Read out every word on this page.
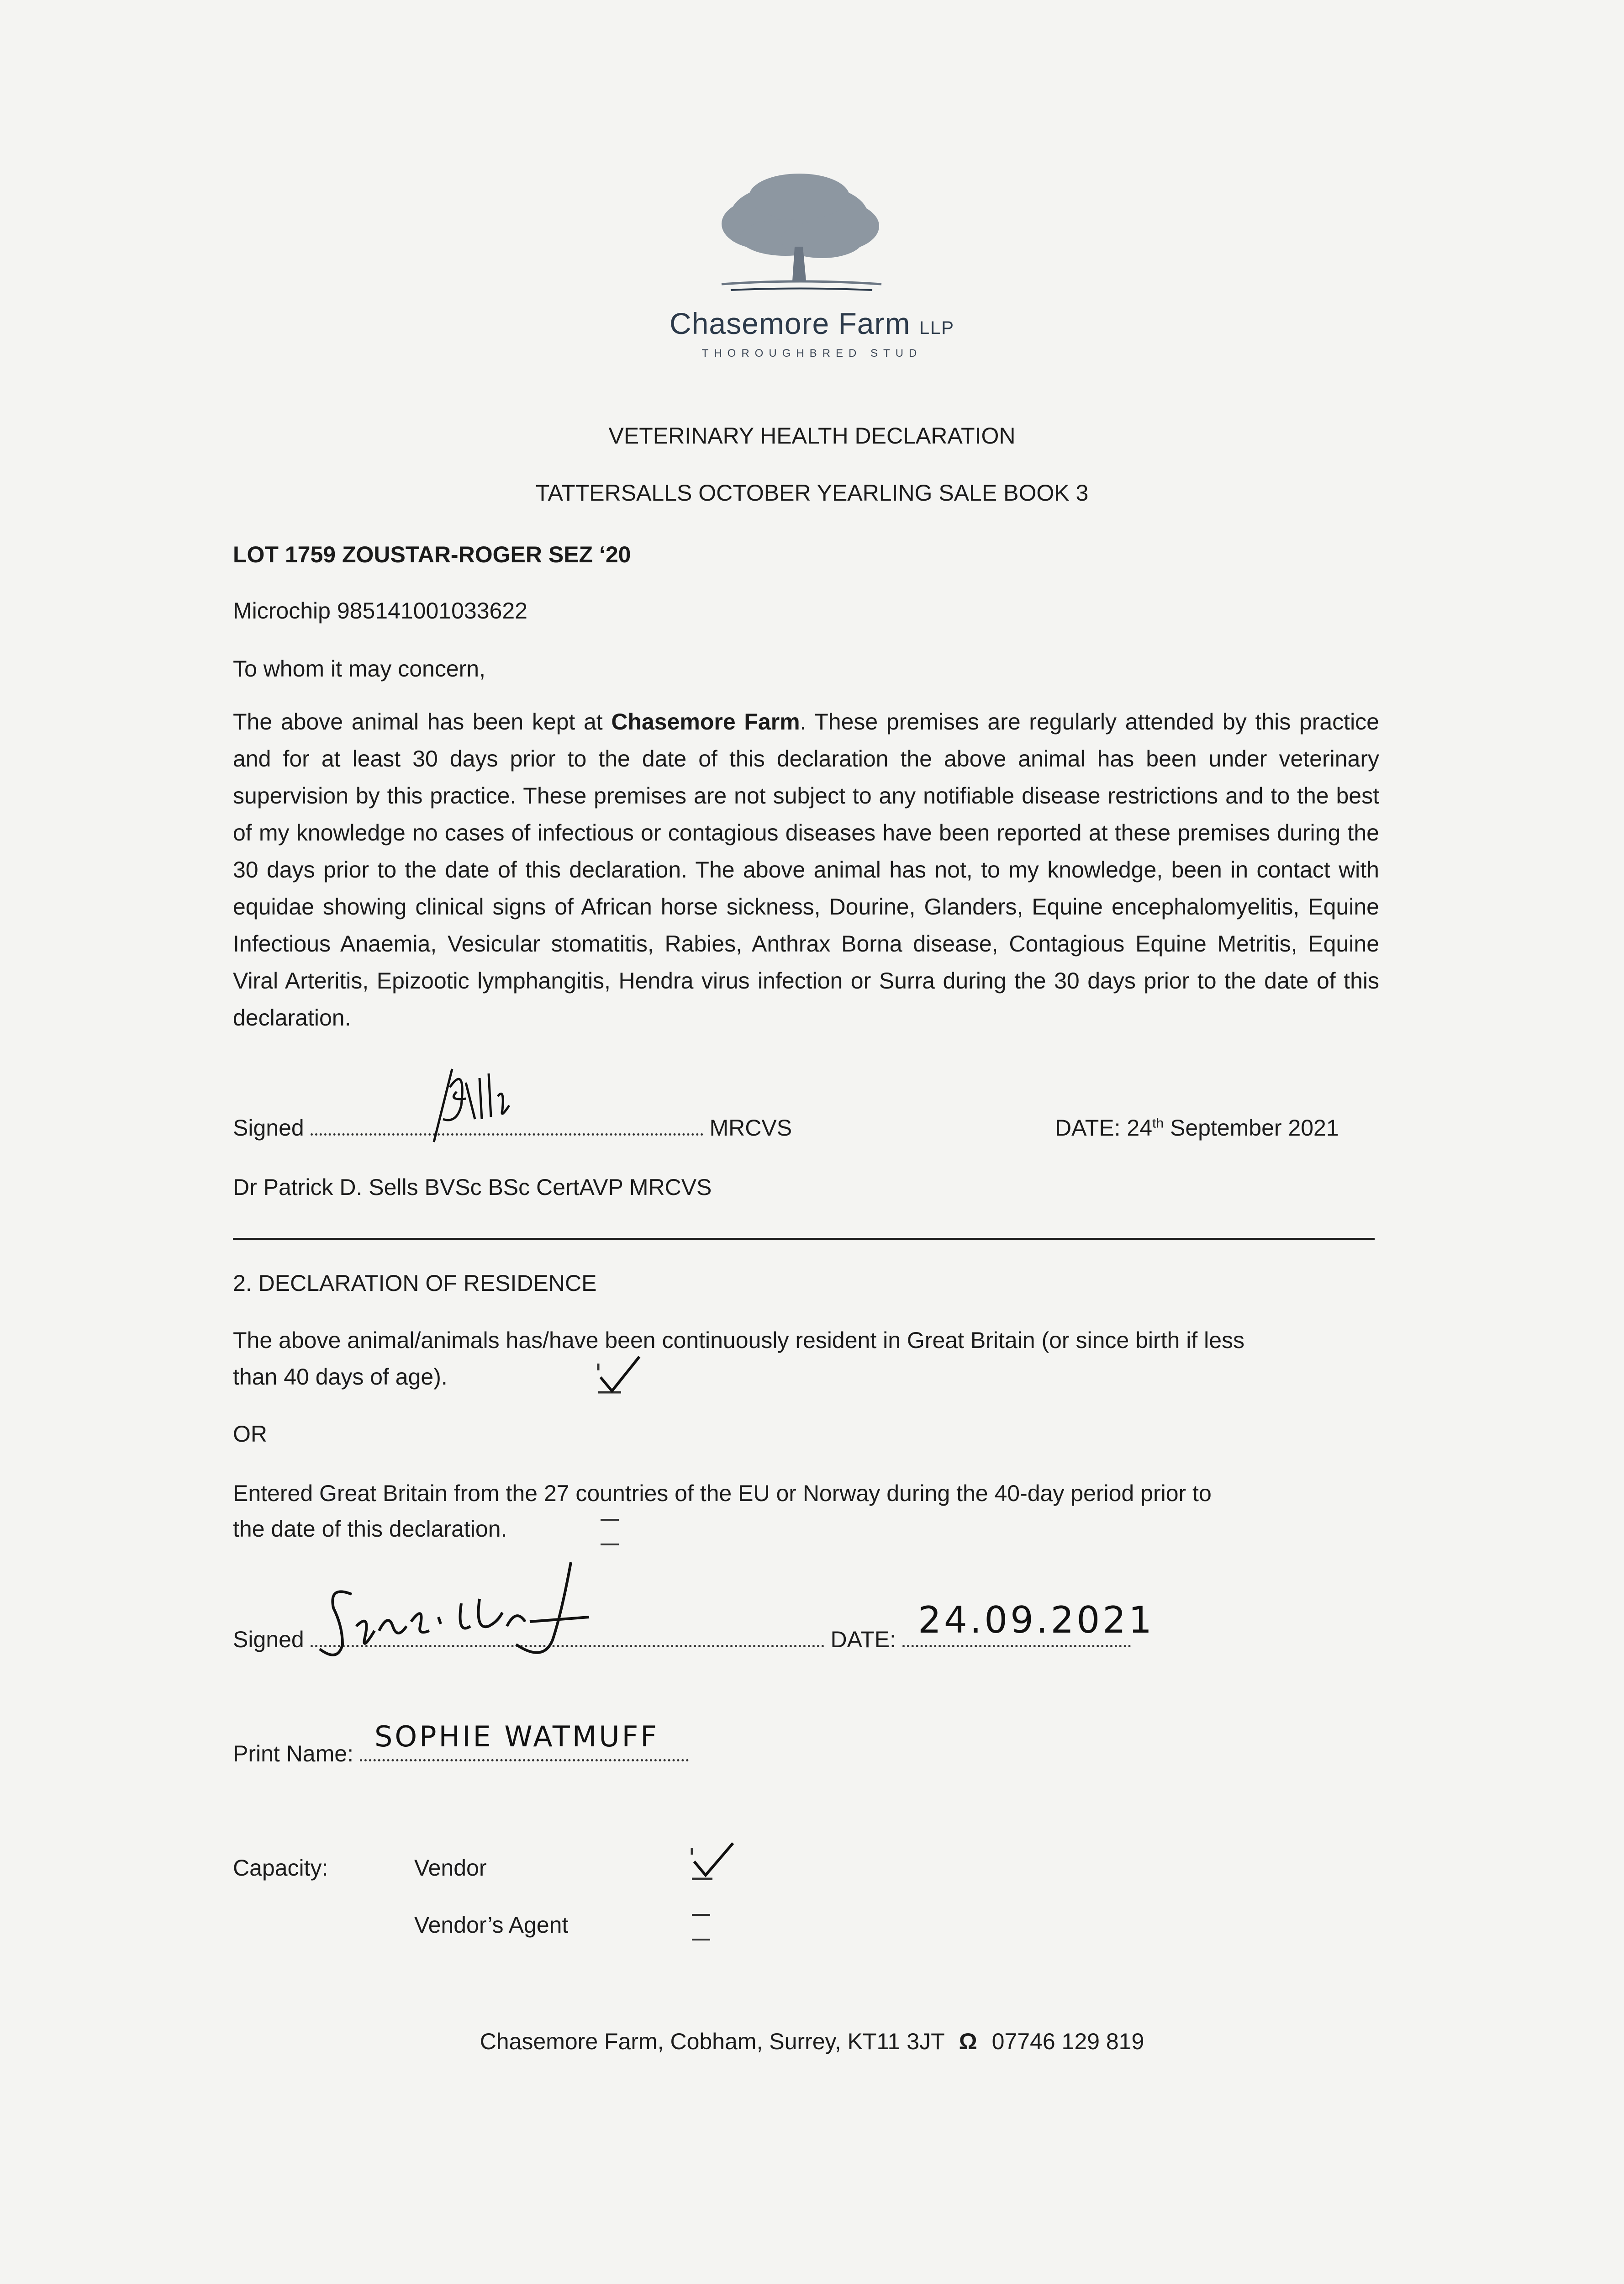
Chasemore Farm LLP
THOROUGHBRED STUD
VETERINARY HEALTH DECLARATION
TATTERSALLS OCTOBER YEARLING SALE BOOK 3
LOT 1759 ZOUSTAR-ROGER SEZ ‘20
Microchip 985141001033622
To whom it may concern,
The above animal has been kept at Chasemore Farm. These premises are regularly attended by this practice and for at least 30 days prior to the date of this declaration the above animal has been under veterinary supervision by this practice. These premises are not subject to any notifiable disease restrictions and to the best of my knowledge no cases of infectious or contagious diseases have been reported at these premises during the 30 days prior to the date of this declaration. The above animal has not, to my knowledge, been in contact with equidae showing clinical signs of African horse sickness, Dourine, Glanders, Equine encephalomyelitis, Equine Infectious Anaemia, Vesicular stomatitis, Rabies, Anthrax Borna disease, Contagious Equine Metritis, Equine Viral Arteritis, Epizootic lymphangitis, Hendra virus infection or Surra during the 30 days prior to the date of this declaration.
Signed	MRCVS	DATE: 24th September 2021
Dr Patrick D. Sells BVSc BSc CertAVP MRCVS
2. DECLARATION OF RESIDENCE
The above animal/animals has/have been continuously resident in Great Britain (or since birth if less
than 40 days of age).
OR
Entered Great Britain from the 27 countries of the EU or Norway during the 40-day period prior to
the date of this declaration.
Signed	DATE: 24.09.2021
Print Name:
SOPHIE WATMUFF
Capacity:	Vendor
Vendor’s Agent
Chasemore Farm, Cobham, Surrey, KT11 3JT Ω 07746 129 819
